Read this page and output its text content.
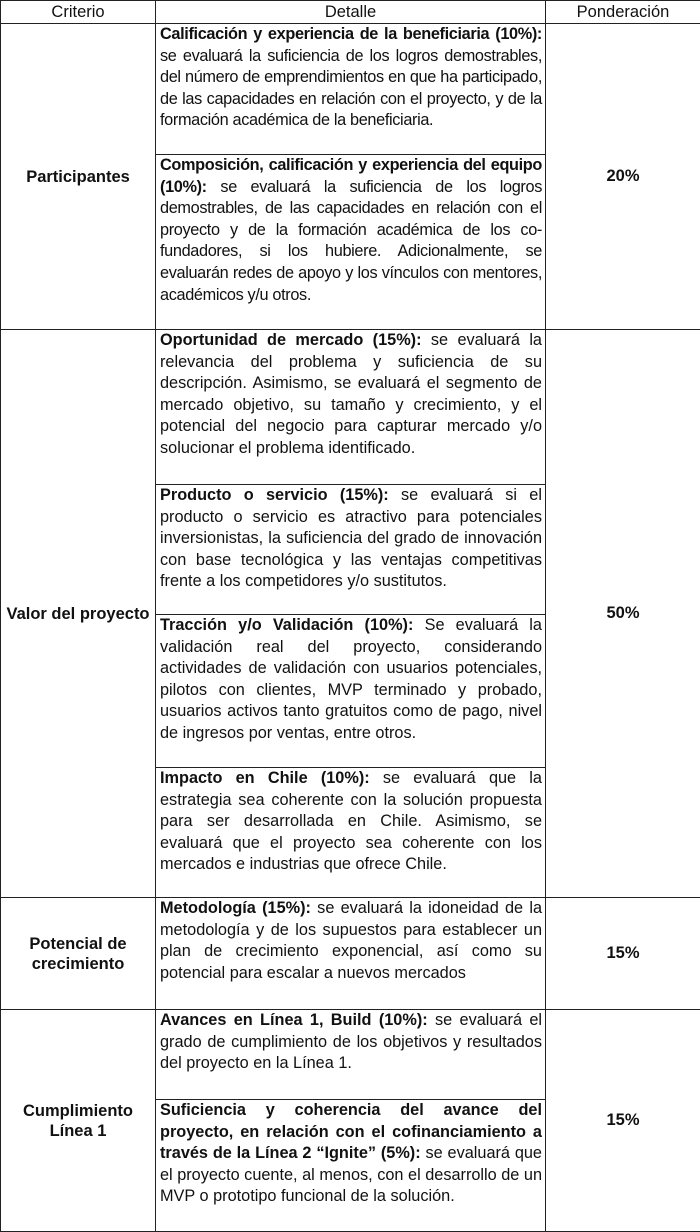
Criterio	Detalle	Ponderación
Participantes	Calificación y experiencia de la beneficiaria (10%): se evaluará la suficiencia de los logros demostrables, del número de emprendimientos en que ha participado, de las capacidades en relación con el proyecto, y de la formación académica de la beneficiaria.	20%
	Composición, calificación y experiencia del equipo (10%): se evaluará la suficiencia de los logros demostrables, de las capacidades en relación con el proyecto y de la formación académica de los co-fundadores, si los hubiere. Adicionalmente, se evaluarán redes de apoyo y los vínculos con mentores, académicos y/u otros.	
Valor del proyecto	Oportunidad de mercado (15%): se evaluará la relevancia del problema y suficiencia de su descripción. Asimismo, se evaluará el segmento de mercado objetivo, su tamaño y crecimiento, y el potencial del negocio para capturar mercado y/o solucionar el problema identificado.	50%
	Producto o servicio (15%): se evaluará si el producto o servicio es atractivo para potenciales inversionistas, la suficiencia del grado de innovación con base tecnológica y las ventajas competitivas frente a los competidores y/o sustitutos.	
	Tracción y/o Validación (10%): Se evaluará la validación real del proyecto, considerando actividades de validación con usuarios potenciales, pilotos con clientes, MVP terminado y probado, usuarios activos tanto gratuitos como de pago, nivel de ingresos por ventas, entre otros.	
	Impacto en Chile (10%): se evaluará que la estrategia sea coherente con la solución propuesta para ser desarrollada en Chile. Asimismo, se evaluará que el proyecto sea coherente con los mercados e industrias que ofrece Chile.	
Potencial de crecimiento	Metodología (15%): se evaluará la idoneidad de la metodología y de los supuestos para establecer un plan de crecimiento exponencial, así como su potencial para escalar a nuevos mercados	15%
Cumplimiento Línea 1	Avances en Línea 1, Build (10%): se evaluará el grado de cumplimiento de los objetivos y resultados del proyecto en la Línea 1.	15%
	Suficiencia y coherencia del avance del proyecto, en relación con el cofinanciamiento a través de la Línea 2 “Ignite” (5%): se evaluará que el proyecto cuente, al menos, con el desarrollo de un MVP o prototipo funcional de la solución.	
